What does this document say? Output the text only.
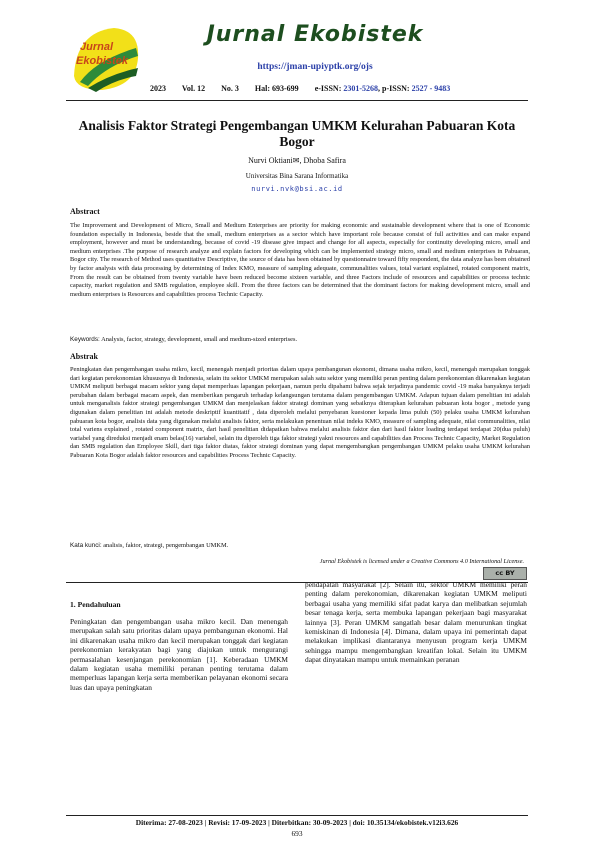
Jurnal
Ekobistek
Jurnal Ekobistek
https://jman-upiyptk.org/ojs
2023 Vol. 12 No. 3 Hal: 693-699 e-ISSN: 2301-5268, p-ISSN: 2527 - 9483
Analisis Faktor Strategi Pengembangan UMKM Kelurahan Pabuaran Kota Bogor
Nurvi Oktiani✉, Dhoba Safira
Universitas Bina Sarana Informatika
nurvi.nvk@bsi.ac.id
Abstract
The Improvement and Development of Micro, Small and Medium Enterprises are priority for making economic and sustainable development where that is one of Economic foundation especially in Indonesia, beside that the small, medium enterprises as a sector which have important role because consist of full activities and can make expand employment, however and must be understanding, because of covid -19 disease give impact and change for all aspects, especially for continuity developing micro, small and medium enterprises .The purpose of research analyze and explain factors for developing which can be implemented strategy micro, small and medium enterprises in Pabuaran, Bogor city. The research of Method uses quantitative Descriptive, the source of data has been obtained by questionnaire toward fifty respondent, the data analyze has been obtained by factor analysis with data processing by determining of Index KMO, measure of sampling adequate, communalities values, total variant explained, rotated component matrix, From the result can be obtained from twenty variable have been reduced become sixteen variable, and three Factors include of resources and capabilities or process technic capacity, market regulation and SMB regulation, employee skill. From the three factors can be determined that the dominant factors for making development micro, small and medium enterprises is Resources and capabilities process Technic Capacity.
Keywords: Analysis, factor, strategy, development, small and medium-sized enterprises.
Abstrak
Peningkatan dan pengembangan usaha mikro, kecil, menengah menjadi prioritas dalam upaya pembangunan ekonomi, dimana usaha mikro, kecil, menengah merupakan tonggak dari kegiatan perekonomian khususnya di Indonesia, selain itu sektor UMKM merupakan salah satu sektor yang memiliki peran penting dalam perekonomian dikarenakan kegiatan UMKM meliputi berbagai macam sektor yang dapat memperluas lapangan pekerjaan, namun perlu dipahami bahwa sejak terjadinya pandemic covid -19 maka banyaknya terjadi perubahan dalam berbagai macam aspek, dan memberikan pengaruh terhadap kelangsungan terutama dalam pengembangan UMKM. Adapun tujuan dalam penelitian ini adalah untuk menganalisis faktor strategi pengembangan UMKM dan menjelaskan faktor strategi dominan yang sebaiknya diterapkan kelurahan pabuaran kota bogor , metode yang digunakan dalam penelitian ini adalah metode deskriptif kuantitatif , data diperoleh melalui penyebaran kuesioner kepada lima puluh (50) pelaku usaha UMKM kelurahan pabuaran kota bogor, analisis data yang digunakan melalui analisis faktor, serta melakukan penentuan nilai indeks KMO, measure of sampling adequate, nilai communalities, nilai total variens explained , rotated component matrix, dari hasil penelitian didapatkan bahwa melalui analisis faktor dan dari hasil faktor loading terdapat terdapat 20(dua puluh) variabel yang direduksi menjadi enam belas(16) variabel, selain itu diperoleh tiga faktor strategi yakni resources and capabilities dan Process Technic Capacity, Market Regulation dan SMB regulation dan Employee Skill, dari tiga faktor diatas, faktor strategi dominan yang dapat mengembangkan pengembangan UMKM pelaku usaha UMKM kelurahan Pabuaran Kota Bogor adalah faktor resources and capabilities Process Technic Capacity.
Kata kunci: analisis, faktor, strategi, pengembangan UMKM.
Jurnal Ekobistek is licensed under a Creative Commons 4.0 International License.
cc BY
1. Pendahuluan
Peningkatan dan pengembangan usaha mikro kecil. Dan menengah merupakan salah satu prioritas dalam upaya pembangunan ekonomi. Hal ini dikarenakan usaha mikro dan kecil merupakan tonggak dari kegiatan perekonomian kerakyatan bagi yang diajukan untuk mengurangi permasalahan kesenjangan perekonomian [1]. Keberadaan UMKM dalam kegiatan usaha memiliki peranan penting terutama dalam memperluas lapangan kerja serta memberikan pelayanan ekonomi secara luas dan upaya peningkatan
pendapatan masyarakat [2]. Selain itu, sektor UMKM memiliki peran penting dalam perekonomian, dikarenakan kegiatan UMKM meliputi berbagai usaha yang memiliki sifat padat karya dan melibatkan sejumlah besar tenaga kerja, serta membuka lapangan pekerjaan bagi masyarakat lainnya [3]. Peran UMKM sangatlah besar dalam menurunkan tingkat kemiskinan di Indonesia [4]. Dimana, dalam upaya ini pemerintah dapat melakukan implikasi diantaranya menyusun program kerja UMKM sehingga mampu mengembangkan kreatifan lokal. Selain itu UMKM dapat dinyatakan mampu untuk memainkan peranan
Diterima: 27-08-2023 | Revisi: 17-09-2023 | Diterbitkan: 30-09-2023 | doi: 10.35134/ekobistek.v12i3.626
693
